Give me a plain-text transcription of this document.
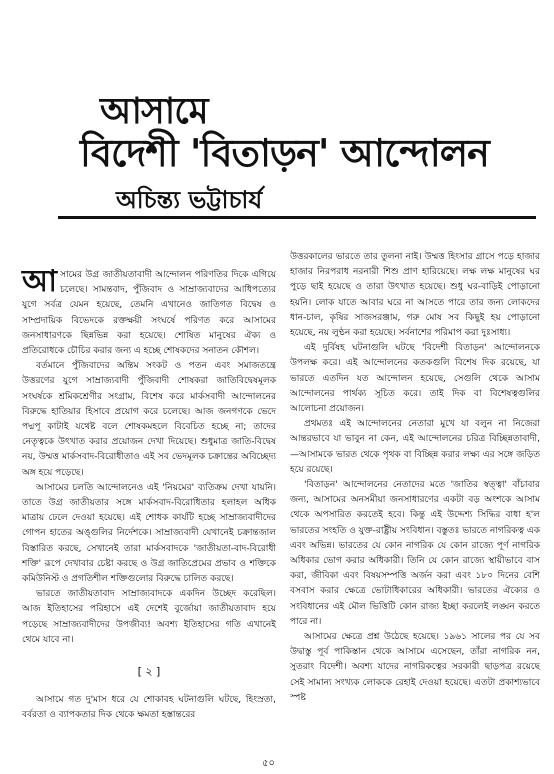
আসামে
বিদেশী 'বিতাড়ন' আন্দোলন
অচিন্ত্য ভট্টাচার্য

আসামের উগ্র জাতীয়তাবাদী আন্দোলন পরিণতির দিকে এগিয়ে চলেছে। সামন্তবাদ, পুঁজিবাদ ও সাম্রাজ্যবাদের আধিপত্যের যুগে সর্বত্র যেমন হয়েছে, তেমনি এখানেও জাতিগত বিদ্বেষ ও সাম্প্রদায়িক বিভেদকে রক্তক্ষয়ী সংঘর্ষে পরিণত করে আসামের জনসাধারণকে ছিন্নভিন্ন করা হয়েছে। শোষিত মানুষের ঐক্য ও প্রতিরোধকে চৌচির করার জন্য এ হচ্ছে শোষকদের সনাতন কৌশল।

বর্তমানে পুঁজিবাদের অন্তিম সংকট ও পতন এবং সমাজতন্ত্রে উত্তরণের যুগে সাম্রাজ্যবাদী পুঁজিবাদী শোষকরা জাতিবিদ্বেষমূলক সংঘর্ষকে শ্রমিকশ্রেণীর সংগ্রাম, বিশেষ করে মার্কসবাদী আন্দোলনের বিরুদ্ধে হাতিয়ার হিসাবে প্রয়োগ করে চলেছে। আজ জনগণকে ভেদে পদ্মপূ কাটাই যথেষ্ট বলে শোষকমহলে বিবেচিত হচ্ছে না; তাদের নেতৃত্বকে উৎখাত করার প্রয়োজন দেখা দিয়েছে। শুধুমাত্র জাতি-বিদ্বেষ নয়, উম্মত্ত মার্কসবাদ-বিরোধীতাও এই সব ভেদমূলক চক্রান্তের অবিচ্ছেদ্য অঙ্গ হয়ে পড়েছে।

আসামের চলতি আন্দোলনেও এই 'নিয়মের' ব্যতিক্রম দেখা যায়নি। তাতে উগ্র জাতীয়তার সঙ্গে মার্কসবাদ-বিরোধিতার হলাহল অধিক মাত্রায় ঢেলে দেওয়া হয়েছে। এই শোধক কার্যটি হচ্ছে সাম্রাজ্যবাদীদের গোপন হাতের অঙ্গুলির নির্দেশকে। সাম্রাজ্যবাদী যেখানেই চক্রান্তজাল বিস্তারিত করছে, সেখানেই তারা মার্কসবাদকে 'জাতীয়তা-বাদ-বিরোধী শক্তি' রূপে দেখাবার চেষ্টা করছে ও উগ্র জাতিপ্রেমের প্রভাব ও শক্তিকে কমিউনিস্ট ও প্রগতিশীল শক্তিগুলোর বিরুদ্ধে চালিত করছে।

ভারতে জাতীয়তাবাদ সাম্রাজ্যবাদকে একদিন উচ্ছেদ করেছিল। আজ ইতিহাসের পরিহাসে এই দেশেই বুর্জোয়া জাতীয়তাবাদ হয়ে পড়েছে সাম্রাজ্যবাদীদের উপজীব্য! অবশ্য ইতিহাসের গতি এখানেই থেমে যাবে না।

[ ২ ]

আসামে গত দু'মাস ধরে যে শোকাবহ ঘটনাগুলি ঘটছে, হিংস্রতা, বর্বরতা ও ব্যাপকতার দিক থেকে ক্ষমতা হস্তান্তরের

উত্তরকালের ভারতে তার তুলনা নাই। উম্মত্ত হিংসার গ্রাসে পড়ে হাজার হাজার নিরপরাধ নরনারী শিশু প্রাণ হারিয়েছে। লক্ষ লক্ষ মানুষের ঘর পুড়ে ছাই হয়েছে ও তারা উৎখাত হয়েছে। শুধু ঘর-বাড়িই পোড়ানো হয়নি। লোক যাতে আবার ঘরে না আসতে পারে তার জন্য লোকদের ধান-চাল, কৃষির সাজসরঞ্জাম, গরু মোষ সব কিছুই হয় পোড়ানো হয়েছে, নয় লুণ্ঠন করা হয়েছে। সর্বনাশের পরিমাপ করা দুঃসাধ্য।

এই দুর্বিষহ ঘটনাগুলি ঘটছে 'বিদেশী বিতাড়ন' আন্দোলনকে উপলক্ষ করে। এই আন্দোলনের কতকগুলি বিশেষ দিক রয়েছে, যা ভারতে এতদিন যত আন্দোলন হয়েছে, সেগুলি থেকে আসাম আন্দোলনের পার্থক্য সূচিত করে। তাই দিক বা বিশেষত্বগুলির আলোচনা প্রয়োজন।

প্রথমতঃ এই আন্দোলনের নেতারা মুখে যা বলুন না নিজেরা আন্তরভাবে যা ভাবুন না কেন, এই আন্দোলনের চরিত্র বিচ্ছিন্নতাবাদী,—আসামকে ভারত থেকে পৃথক বা বিচ্ছিন্ন করার লক্ষ্য এর সঙ্গে জড়িত হয়ে রয়েছে।

'বিতাড়ন' আন্দোলনের নেতাদের মতে 'জাতির স্বত্ত্বা' বাঁচাবার জন্য, আসামের অনসমীয়া জনসাধারণের একটা বড় অংশকে আসাম থেকে অপসারিত করতেই হবে। কিন্তু এই উদ্দেশ্য সিদ্ধির বাধা হ'ল ভারতের সংহতি ও যুক্ত-রাষ্ট্রীয় সংবিধান। বস্তুতঃ ভারতে নাগরিকত্ব এক এবং অভিন্ন। ভারতের যে কোন নাগরিক যে কোন রাজ্যে পূর্ণ নাগরিক অধিকার ভোগ করার অধিকারী। তিনি যে কোন রাজ্যে স্থায়ীভাবে বাস করা, জীবিকা এবং বিষয়সম্পত্তি অর্জন করা এবং ১৮০ দিনের বেশি বসবাস করার ক্ষেত্রে ভোটাধিকারের অধিকারী। ভারতের ঐক্যের ও সংবিধানের এই মৌল ভিত্তিটি কোন রাজ্য ইচ্ছা করলেই লঙ্ঘন করতে পারে না।

আসামের ক্ষেত্রে প্রশ্ন উঠেছে হয়েছে। ১৯৬১ সালের পর যে সব উদ্বাস্তু পূর্ব পাকিস্তান থেকে আসামে এসেছেন, তাঁরা নাগরিক নন, সুতরাং বিদেশী। অবশ্য যাদের নাগরিকত্বের সরকারী ছাড়পত্র রয়েছে সেই সামান্য সংখ্যক লোককে রেহাই দেওয়া হয়েছে। এতটা প্রকাশ্যভাবে স্পষ্ট

৫০
